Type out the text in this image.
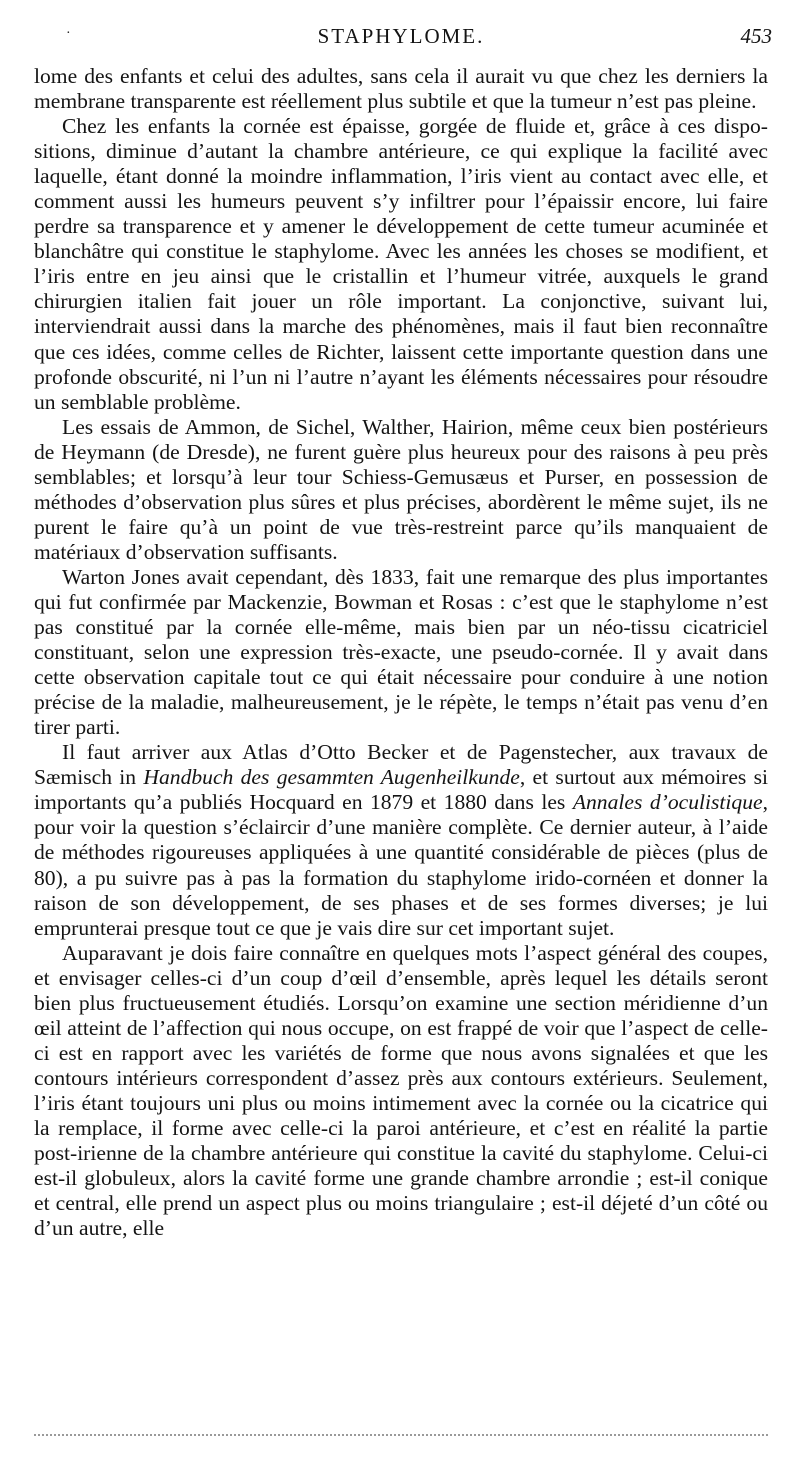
·	STAPHYLOME.	453

lome des enfants et celui des adultes, sans cela il aurait vu que chez les derniers la membrane transparente est réellement plus subtile et que la tumeur n’est pas pleine.

Chez les enfants la cornée est épaisse, gorgée de fluide et, grâce à ces dispositions, diminue d’autant la chambre antérieure, ce qui explique la facilité avec laquelle, étant donné la moindre inflammation, l’iris vient au contact avec elle, et comment aussi les humeurs peuvent s’y infiltrer pour l’épaissir encore, lui faire perdre sa transparence et y amener le développement de cette tumeur acuminée et blanchâtre qui constitue le staphylome. Avec les années les choses se modifient, et l’iris entre en jeu ainsi que le cristallin et l’humeur vitrée, auxquels le grand chirurgien italien fait jouer un rôle important. La conjonctive, suivant lui, interviendrait aussi dans la marche des phénomènes, mais il faut bien reconnaître que ces idées, comme celles de Richter, laissent cette importante question dans une profonde obscurité, ni l’un ni l’autre n’ayant les éléments nécessaires pour résoudre un semblable problème.

Les essais de Ammon, de Sichel, Walther, Hairion, même ceux bien postérieurs de Heymann (de Dresde), ne furent guère plus heureux pour des raisons à peu près semblables; et lorsqu’à leur tour Schiess-Gemusæus et Purser, en possession de méthodes d’observation plus sûres et plus précises, abordèrent le même sujet, ils ne purent le faire qu’à un point de vue très-restreint parce qu’ils manquaient de matériaux d’observation suffisants.

Warton Jones avait cependant, dès 1833, fait une remarque des plus importantes qui fut confirmée par Mackenzie, Bowman et Rosas : c’est que le staphylome n’est pas constitué par la cornée elle-même, mais bien par un néo-tissu cicatriciel constituant, selon une expression très-exacte, une pseudo-cornée. Il y avait dans cette observation capitale tout ce qui était nécessaire pour conduire à une notion précise de la maladie, malheureusement, je le répète, le temps n’était pas venu d’en tirer parti.

Il faut arriver aux Atlas d’Otto Becker et de Pagenstecher, aux travaux de Sæmisch in Handbuch des gesammten Augenheilkunde, et surtout aux mémoires si importants qu’a publiés Hocquard en 1879 et 1880 dans les Annales d’oculistique, pour voir la question s’éclaircir d’une manière complète. Ce dernier auteur, à l’aide de méthodes rigoureuses appliquées à une quantité considérable de pièces (plus de 80), a pu suivre pas à pas la formation du staphylome irido-cornéen et donner la raison de son développement, de ses phases et de ses formes diverses; je lui emprunterai presque tout ce que je vais dire sur cet important sujet.

Auparavant je dois faire connaître en quelques mots l’aspect général des coupes, et envisager celles-ci d’un coup d’œil d’ensemble, après lequel les détails seront bien plus fructueusement étudiés. Lorsqu’on examine une section méridienne d’un œil atteint de l’affection qui nous occupe, on est frappé de voir que l’aspect de celle-ci est en rapport avec les variétés de forme que nous avons signalées et que les contours intérieurs correspondent d’assez près aux contours extérieurs. Seulement, l’iris étant toujours uni plus ou moins intimement avec la cornée ou la cicatrice qui la remplace, il forme avec celle-ci la paroi antérieure, et c’est en réalité la partie post-irienne de la chambre antérieure qui constitue la cavité du staphylome. Celui-ci est-il globuleux, alors la cavité forme une grande chambre arrondie ; est-il conique et central, elle prend un aspect plus ou moins triangulaire ; est-il déjeté d’un côté ou d’un autre, elle
